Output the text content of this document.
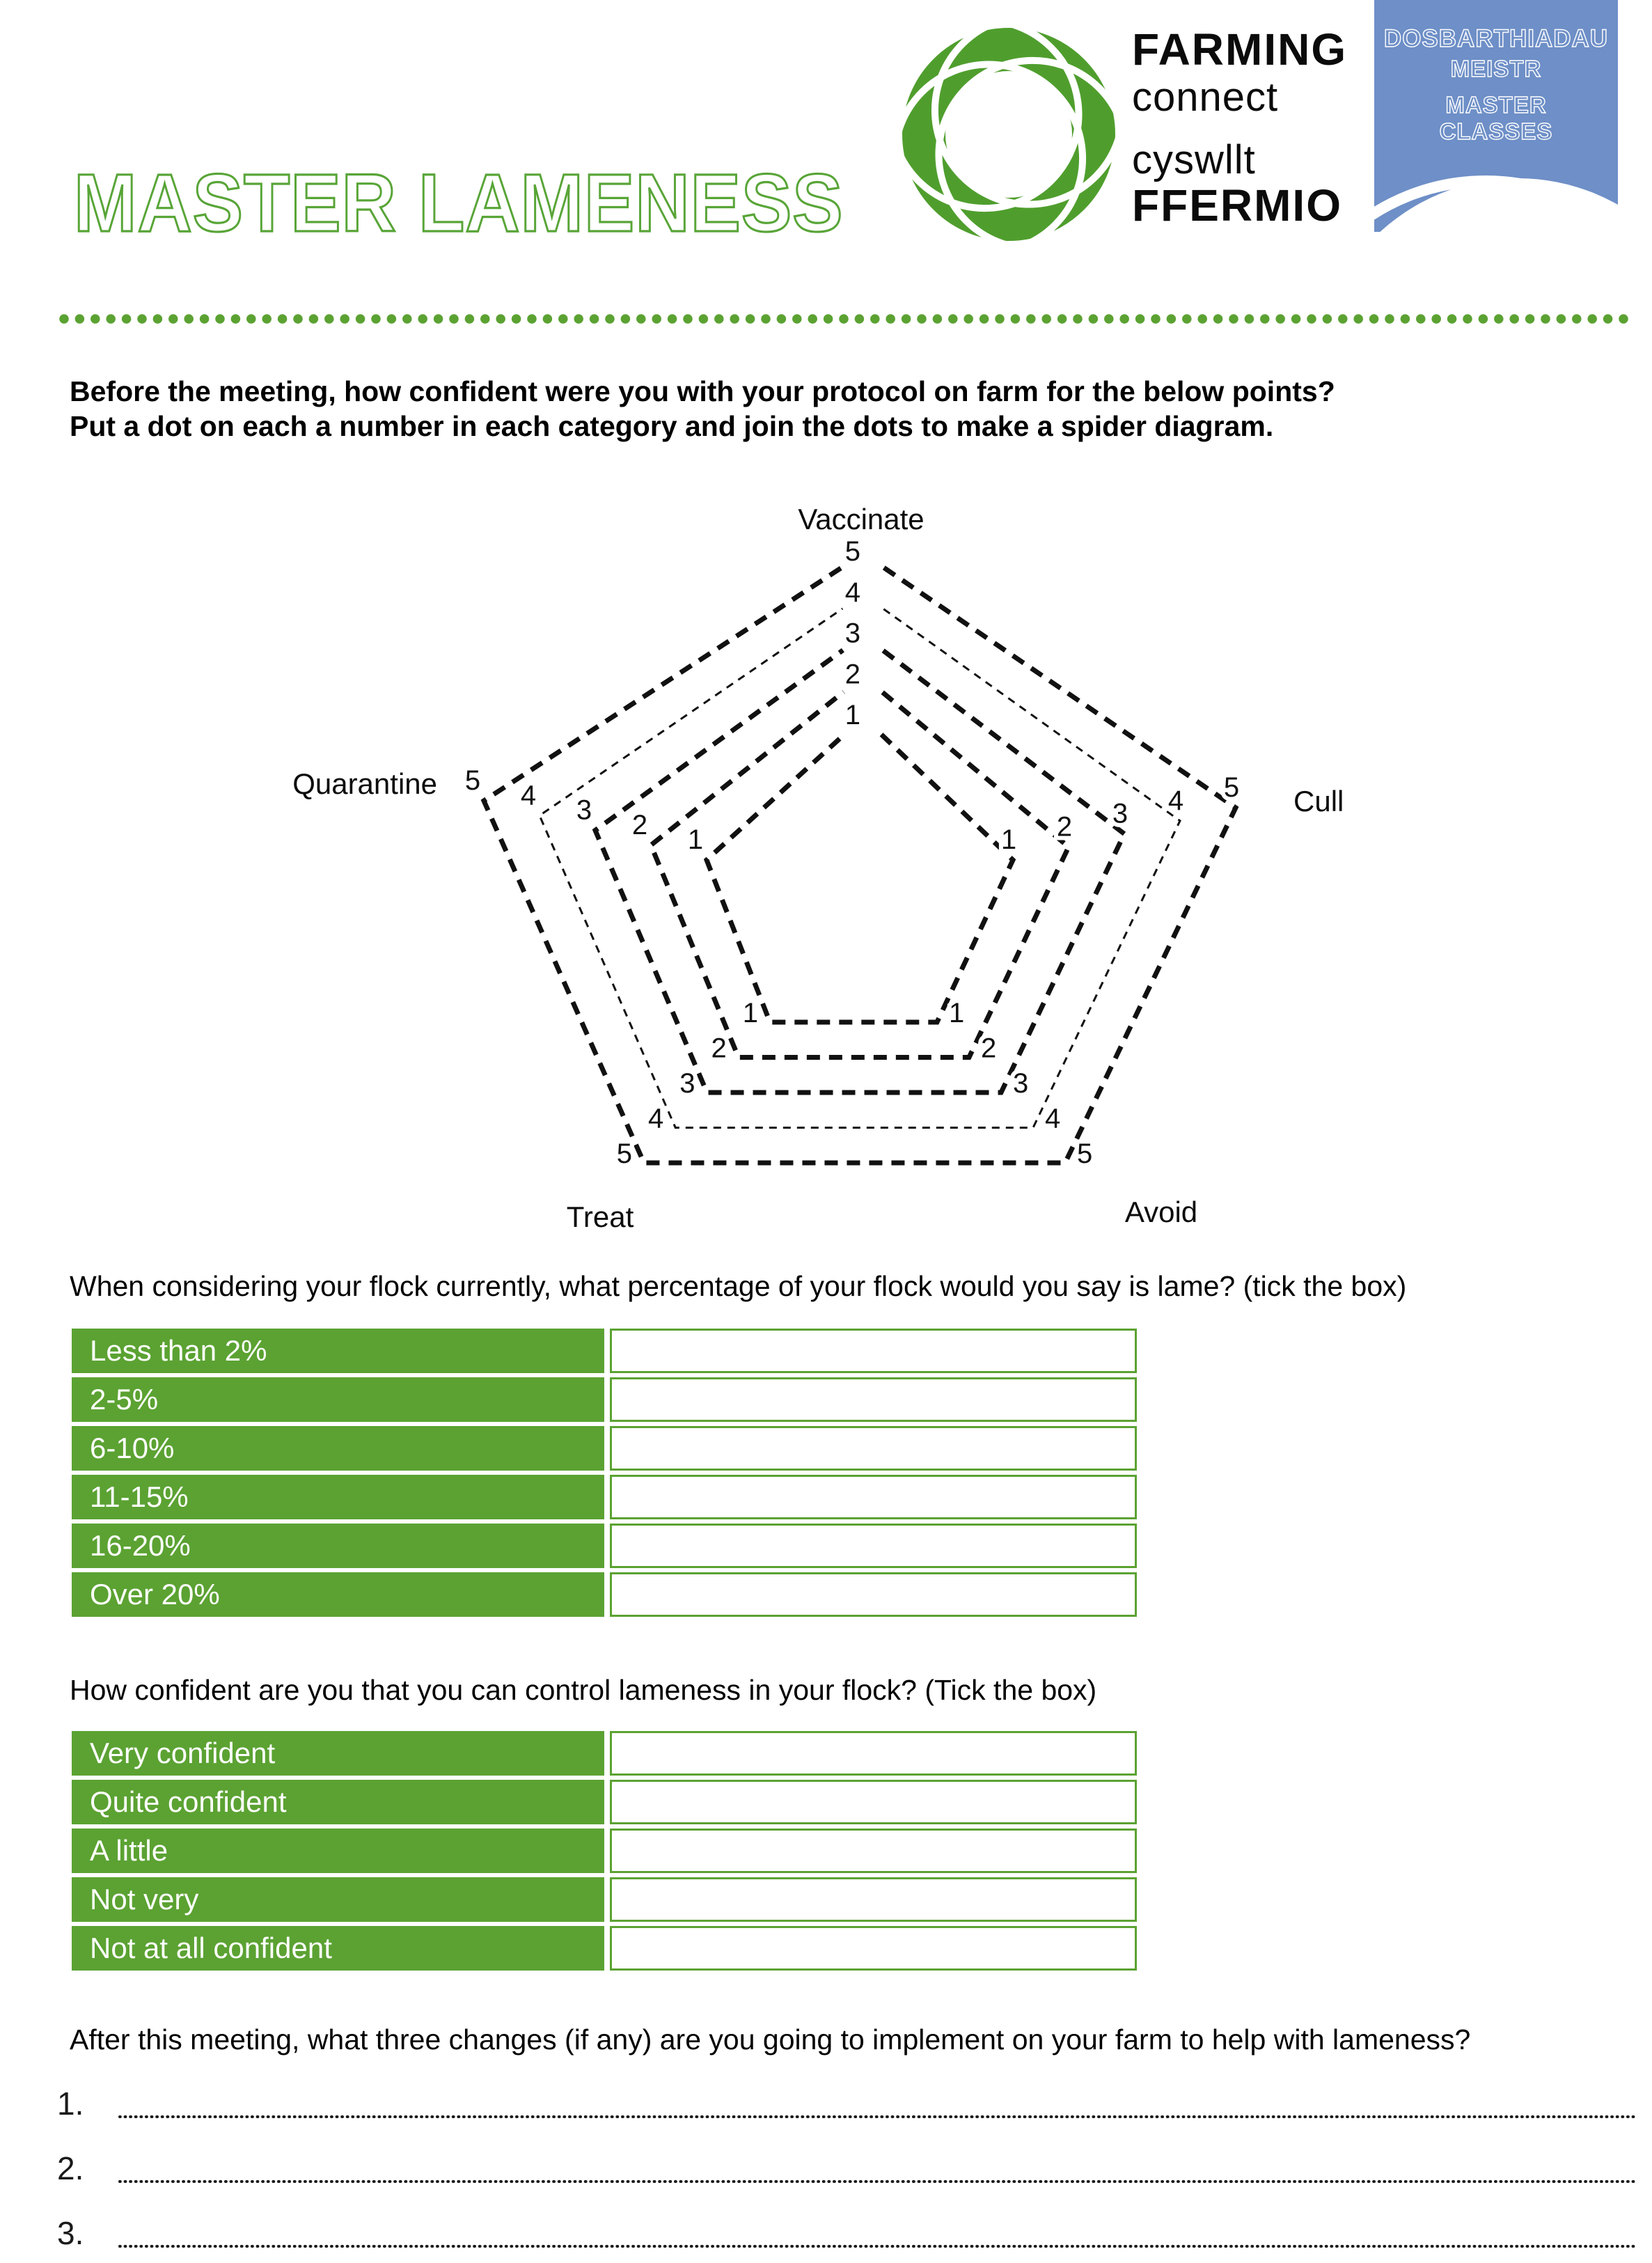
MASTER LAMENESS
FARMING
connect
cyswllt
FFERMIO
DOSBARTHIADAU
MEISTR
MASTER
CLASSES
1
1
1
1
1
2
2
2
2
2
3
3
3
3
3
4
4
4
4
4
5
5
5
5
5
Vaccinate
Quarantine
Cull
Treat	Avoid
Before the meeting, how confident were you with your protocol on farm for the below points?
Put a dot on each a number in each category and join the dots to make a spider diagram.
When considering your flock currently, what percentage of your flock would you say is lame? (tick the box)
Less than 2%
2-5%
6-10%
11-15%
16-20%
Over 20%
How confident are you that you can control lameness in your flock? (Tick the box)
Very confident
Quite confident
A little
Not very
Not at all confident
After this meeting, what three changes (if any) are you going to implement on your farm to help with lameness?
1.
2.
3.
